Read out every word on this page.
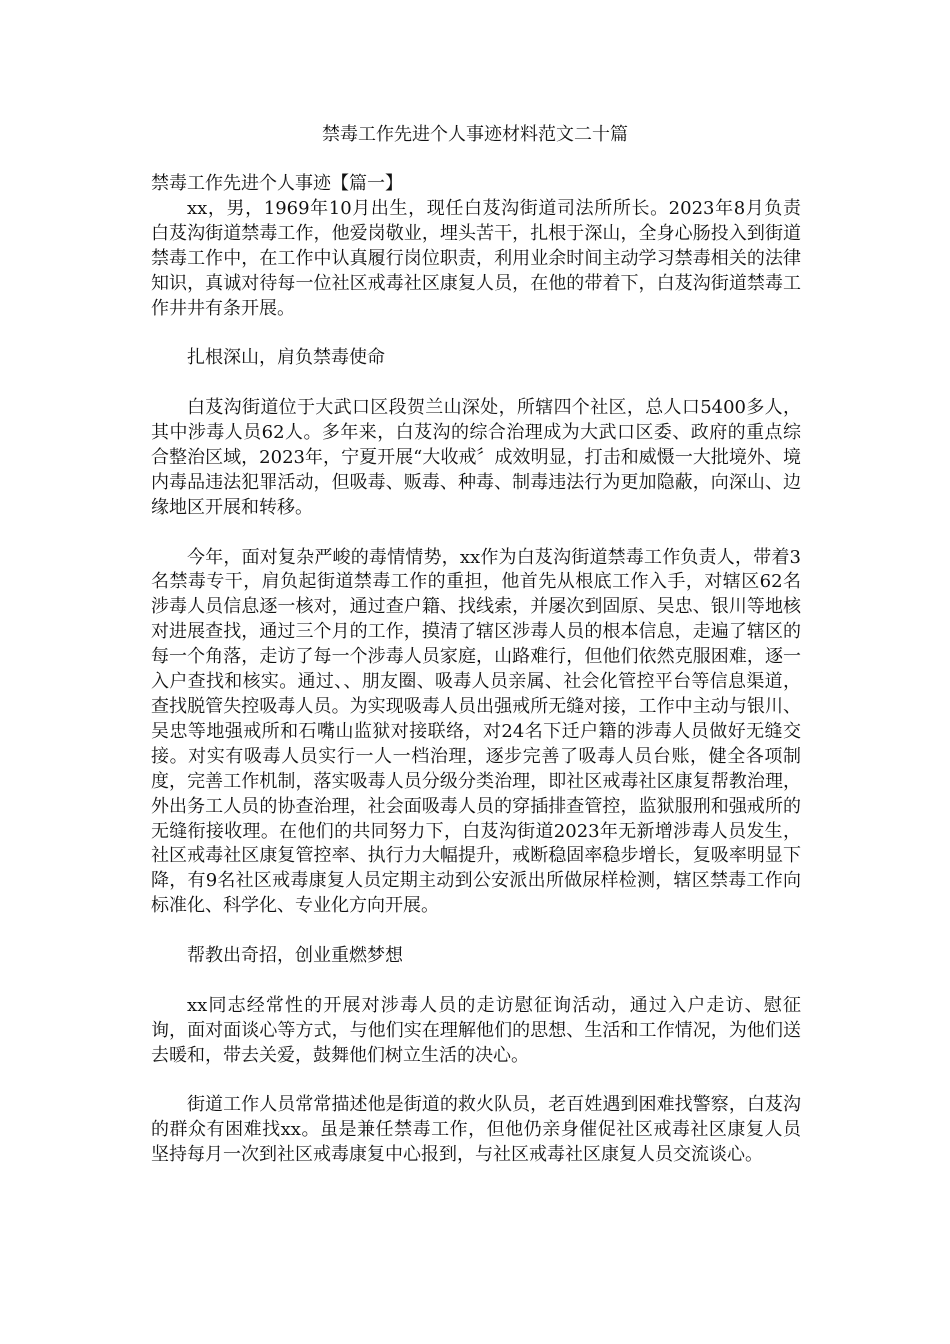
禁毒工作先进个人事迹材料范文二十篇

禁毒工作先进个人事迹【篇一】

xx，男，1969年10月出生，现任白芨沟街道司法所所长。2023年8月负责白芨沟街道禁毒工作，他爱岗敬业，埋头苦干，扎根于深山，全身心肠投入到街道禁毒工作中，在工作中认真履行岗位职责，利用业余时间主动学习禁毒相关的法律知识，真诚对待每一位社区戒毒社区康复人员，在他的带着下，白芨沟街道禁毒工作井井有条开展。

扎根深山，肩负禁毒使命

白芨沟街道位于大武口区段贺兰山深处，所辖四个社区，总人口5400多人，其中涉毒人员62人。多年来，白芨沟的综合治理成为大武口区委、政府的重点综合整治区域，2023年，宁夏开展“大收戒〞成效明显，打击和威慑一大批境外、境内毒品违法犯罪活动，但吸毒、贩毒、种毒、制毒违法行为更加隐蔽，向深山、边缘地区开展和转移。

今年，面对复杂严峻的毒情情势，xx作为白芨沟街道禁毒工作负责人，带着3名禁毒专干，肩负起街道禁毒工作的重担，他首先从根底工作入手，对辖区62名涉毒人员信息逐一核对，通过查户籍、找线索，并屡次到固原、吴忠、银川等地核对进展查找，通过三个月的工作，摸清了辖区涉毒人员的根本信息，走遍了辖区的每一个角落，走访了每一个涉毒人员家庭，山路难行，但他们依然克服困难，逐一入户查找和核实。通过、、朋友圈、吸毒人员亲属、社会化管控平台等信息渠道，查找脱管失控吸毒人员。为实现吸毒人员出强戒所无缝对接，工作中主动与银川、吴忠等地强戒所和石嘴山监狱对接联络，对24名下迁户籍的涉毒人员做好无缝交接。对实有吸毒人员实行一人一档治理，逐步完善了吸毒人员台账，健全各项制度，完善工作机制，落实吸毒人员分级分类治理，即社区戒毒社区康复帮教治理，外出务工人员的协查治理，社会面吸毒人员的穿插排查管控，监狱服刑和强戒所的无缝衔接收理。在他们的共同努力下，白芨沟街道2023年无新增涉毒人员发生，社区戒毒社区康复管控率、执行力大幅提升，戒断稳固率稳步增长，复吸率明显下降，有9名社区戒毒康复人员定期主动到公安派出所做尿样检测，辖区禁毒工作向标准化、科学化、专业化方向开展。

帮教出奇招，创业重燃梦想

xx同志经常性的开展对涉毒人员的走访慰征询活动，通过入户走访、慰征询，面对面谈心等方式，与他们实在理解他们的思想、生活和工作情况，为他们送去暖和，带去关爱，鼓舞他们树立生活的决心。

街道工作人员常常描述他是街道的救火队员，老百姓遇到困难找警察，白芨沟的群众有困难找xx。虽是兼任禁毒工作，但他仍亲身催促社区戒毒社区康复人员坚持每月一次到社区戒毒康复中心报到，与社区戒毒社区康复人员交流谈心。
